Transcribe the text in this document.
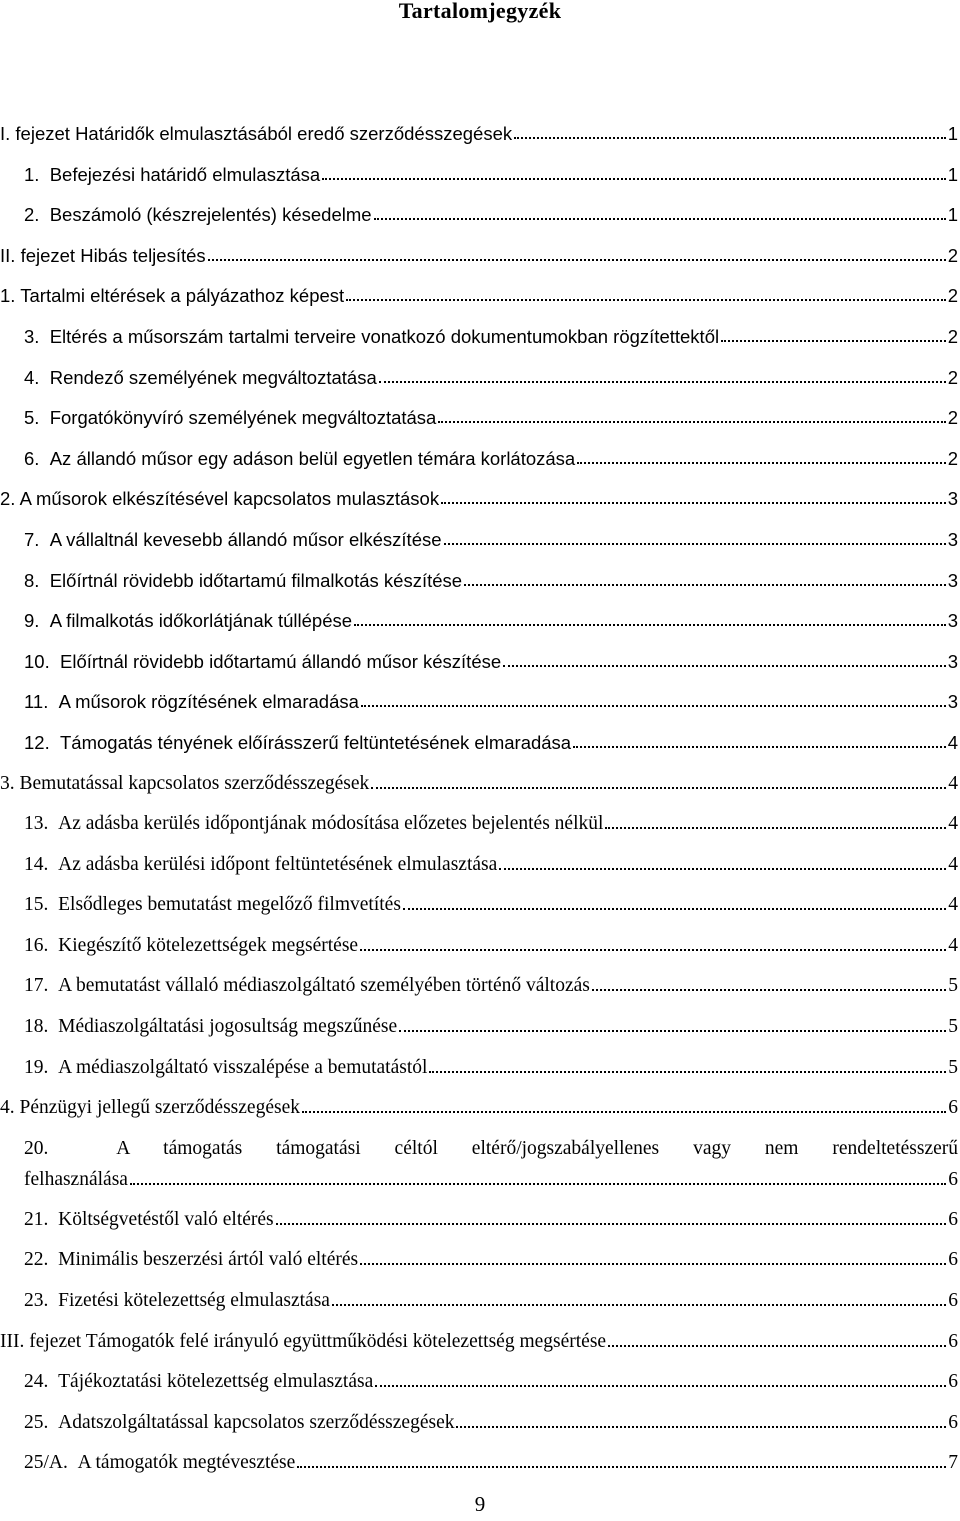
Tartalomjegyzék
I. fejezet Határidők elmulasztásából eredő szerződésszegések	1
1. Befejezési határidő elmulasztása	1
2. Beszámoló (készrejelentés) késedelme	1
II. fejezet Hibás teljesítés	2
1. Tartalmi eltérések a pályázathoz képest	2
3. Eltérés a műsorszám tartalmi terveire vonatkozó dokumentumokban rögzítettektől	2
4. Rendező személyének megváltoztatása	2
5. Forgatókönyvíró személyének megváltoztatása	2
6. Az állandó műsor egy adáson belül egyetlen témára korlátozása	2
2. A műsorok elkészítésével kapcsolatos mulasztások	3
7. A vállaltnál kevesebb állandó műsor elkészítése	3
8. Előírtnál rövidebb időtartamú filmalkotás készítése	3
9. A filmalkotás időkorlátjának túllépése	3
10. Előírtnál rövidebb időtartamú állandó műsor készítése	3
11. A műsorok rögzítésének elmaradása	3
12. Támogatás tényének előírásszerű feltüntetésének elmaradása	4
3. Bemutatással kapcsolatos szerződésszegések	4
13. Az adásba kerülés időpontjának módosítása előzetes bejelentés nélkül	4
14. Az adásba kerülési időpont feltüntetésének elmulasztása	4
15. Elsődleges bemutatást megelőző filmvetítés	4
16. Kiegészítő kötelezettségek megsértése	4
17. A bemutatást vállaló médiaszolgáltató személyében történő változás	5
18. Médiaszolgáltatási jogosultság megszűnése	5
19. A médiaszolgáltató visszalépése a bemutatástól	5
4. Pénzügyi jellegű szerződésszegések	6
20.	A támogatás támogatási céltól eltérő/jogszabályellenes vagy nem rendeltetésszerű
felhasználása	6
21. Költségvetéstől való eltérés	6
22. Minimális beszerzési ártól való eltérés	6
23. Fizetési kötelezettség elmulasztása	6
III. fejezet Támogatók felé irányuló együttműködési kötelezettség megsértése	6
24. Tájékoztatási kötelezettség elmulasztása	6
25. Adatszolgáltatással kapcsolatos szerződésszegések	6
25/A. A támogatók megtévesztése	7
9
